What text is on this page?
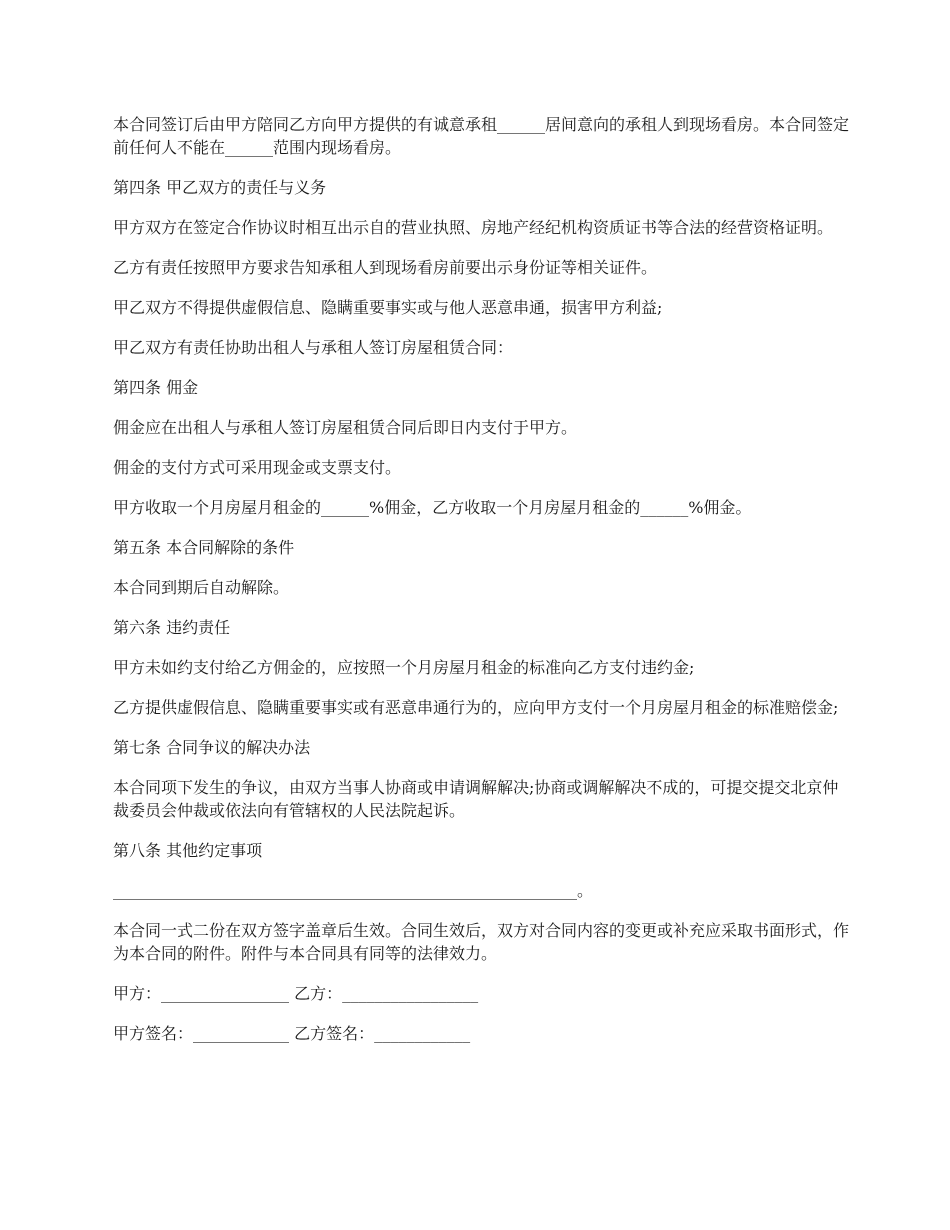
本合同签订后由甲方陪同乙方向甲方提供的有诚意承租______居间意向的承租人到现场看房。本合同签定前任何人不能在______范围内现场看房。

第四条 甲乙双方的责任与义务

甲方双方在签定合作协议时相互出示自的营业执照、房地产经纪机构资质证书等合法的经营资格证明。

乙方有责任按照甲方要求告知承租人到现场看房前要出示身份证等相关证件。

甲乙双方不得提供虚假信息、隐瞒重要事实或与他人恶意串通，损害甲方利益;

甲乙双方有责任协助出租人与承租人签订房屋租赁合同：

第四条 佣金

佣金应在出租人与承租人签订房屋租赁合同后即日内支付于甲方。

佣金的支付方式可采用现金或支票支付。

甲方收取一个月房屋月租金的______%佣金，乙方收取一个月房屋月租金的______%佣金。

第五条 本合同解除的条件

本合同到期后自动解除。

第六条 违约责任

甲方未如约支付给乙方佣金的，应按照一个月房屋月租金的标准向乙方支付违约金;

乙方提供虚假信息、隐瞒重要事实或有恶意串通行为的，应向甲方支付一个月房屋月租金的标准赔偿金;

第七条 合同争议的解决办法

本合同项下发生的争议，由双方当事人协商或申请调解解决;协商或调解解决不成的，可提交提交北京仲裁委员会仲裁或依法向有管辖权的人民法院起诉。

第八条 其他约定事项

__________________________________________________________。

本合同一式二份在双方签字盖章后生效。合同生效后，双方对合同内容的变更或补充应采取书面形式，作为本合同的附件。附件与本合同具有同等的法律效力。

甲方：________________ 乙方：_________________

甲方签名：____________ 乙方签名：____________
